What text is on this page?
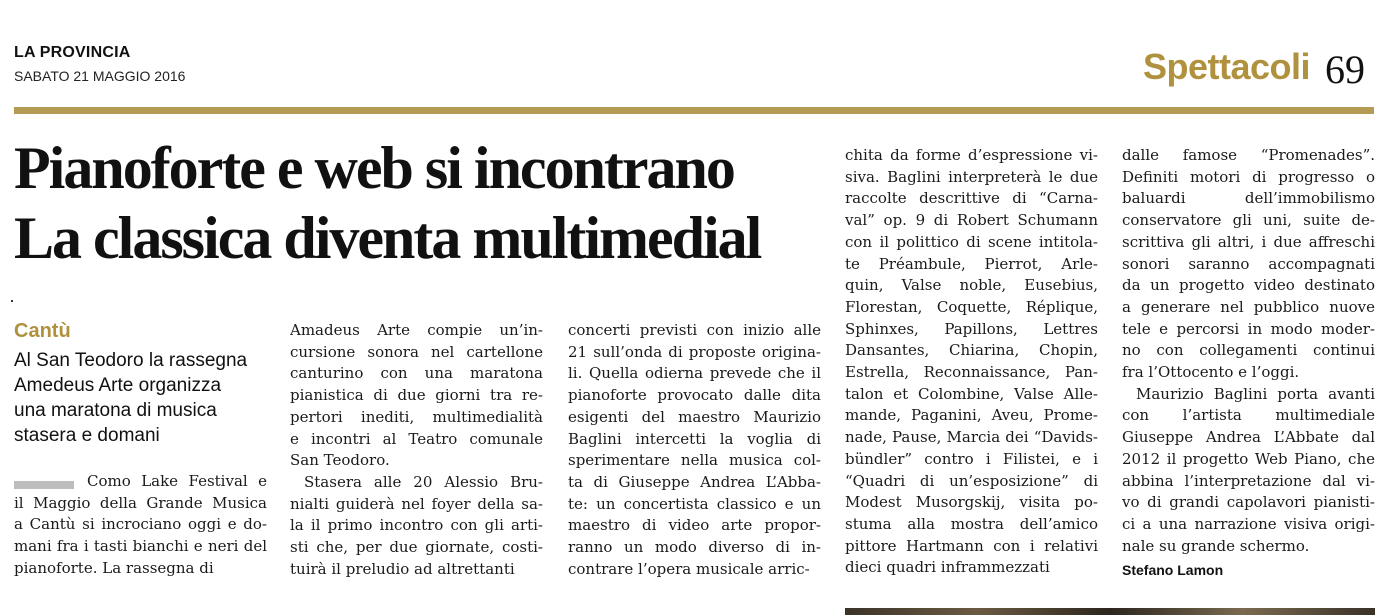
LA PROVINCIA
SABATO 21 MAGGIO 2016	Spettacoli 69
Pianoforte e web si incontrano
La classica diventa multimedial
Cantù
Al San Teodoro la rassegna
Amedeus Arte organizza
una maratona di musica
stasera e domani
Como Lake Festival e
il Maggio della Grande Musica
a Cantù si incrociano oggi e do-
mani fra i tasti bianchi e neri del
pianoforte. La rassegna di
Amadeus Arte compie un’in-
cursione sonora nel cartellone
canturino con una maratona
pianistica di due giorni tra re-
pertori inediti, multimedialità
e incontri al Teatro comunale
San Teodoro.
Stasera alle 20 Alessio Bru-
nialti guiderà nel foyer della sa-
la il primo incontro con gli arti-
sti che, per due giornate, costi-
tuirà il preludio ad altrettanti
concerti previsti con inizio alle
21 sull’onda di proposte origina-
li. Quella odierna prevede che il
pianoforte provocato dalle dita
esigenti del maestro Maurizio
Baglini intercetti la voglia di
sperimentare nella musica col-
ta di Giuseppe Andrea L’Abba-
te: un concertista classico e un
maestro di video arte propor-
ranno un modo diverso di in-
contrare l’opera musicale arric-
chita da forme d’espressione vi-
siva. Baglini interpreterà le due
raccolte descrittive di “Carna-
val” op. 9 di Robert Schumann
con il polittico di scene intitola-
te Préambule, Pierrot, Arle-
quin, Valse noble, Eusebius,
Florestan, Coquette, Réplique,
Sphinxes, Papillons, Lettres
Dansantes, Chiarina, Chopin,
Estrella, Reconnaissance, Pan-
talon et Colombine, Valse Alle-
mande, Paganini, Aveu, Prome-
nade, Pause, Marcia dei “Davids-
bündler” contro i Filistei, e i
“Quadri di un’esposizione” di
Modest Musorgskij, visita po-
stuma alla mostra dell’amico
pittore Hartmann con i relativi
dieci quadri inframmezzati
dalle famose “Promenades”.
Definiti motori di progresso o
baluardi dell’immobilismo
conservatore gli uni, suite de-
scrittiva gli altri, i due affreschi
sonori saranno accompagnati
da un progetto video destinato
a generare nel pubblico nuove
tele e percorsi in modo moder-
no con collegamenti continui
fra l’Ottocento e l’oggi.
Maurizio Baglini porta avanti
con l’artista multimediale
Giuseppe Andrea L’Abbate dal
2012 il progetto Web Piano, che
abbina l’interpretazione dal vi-
vo di grandi capolavori pianisti-
ci a una narrazione visiva origi-
nale su grande schermo.
Stefano Lamon
